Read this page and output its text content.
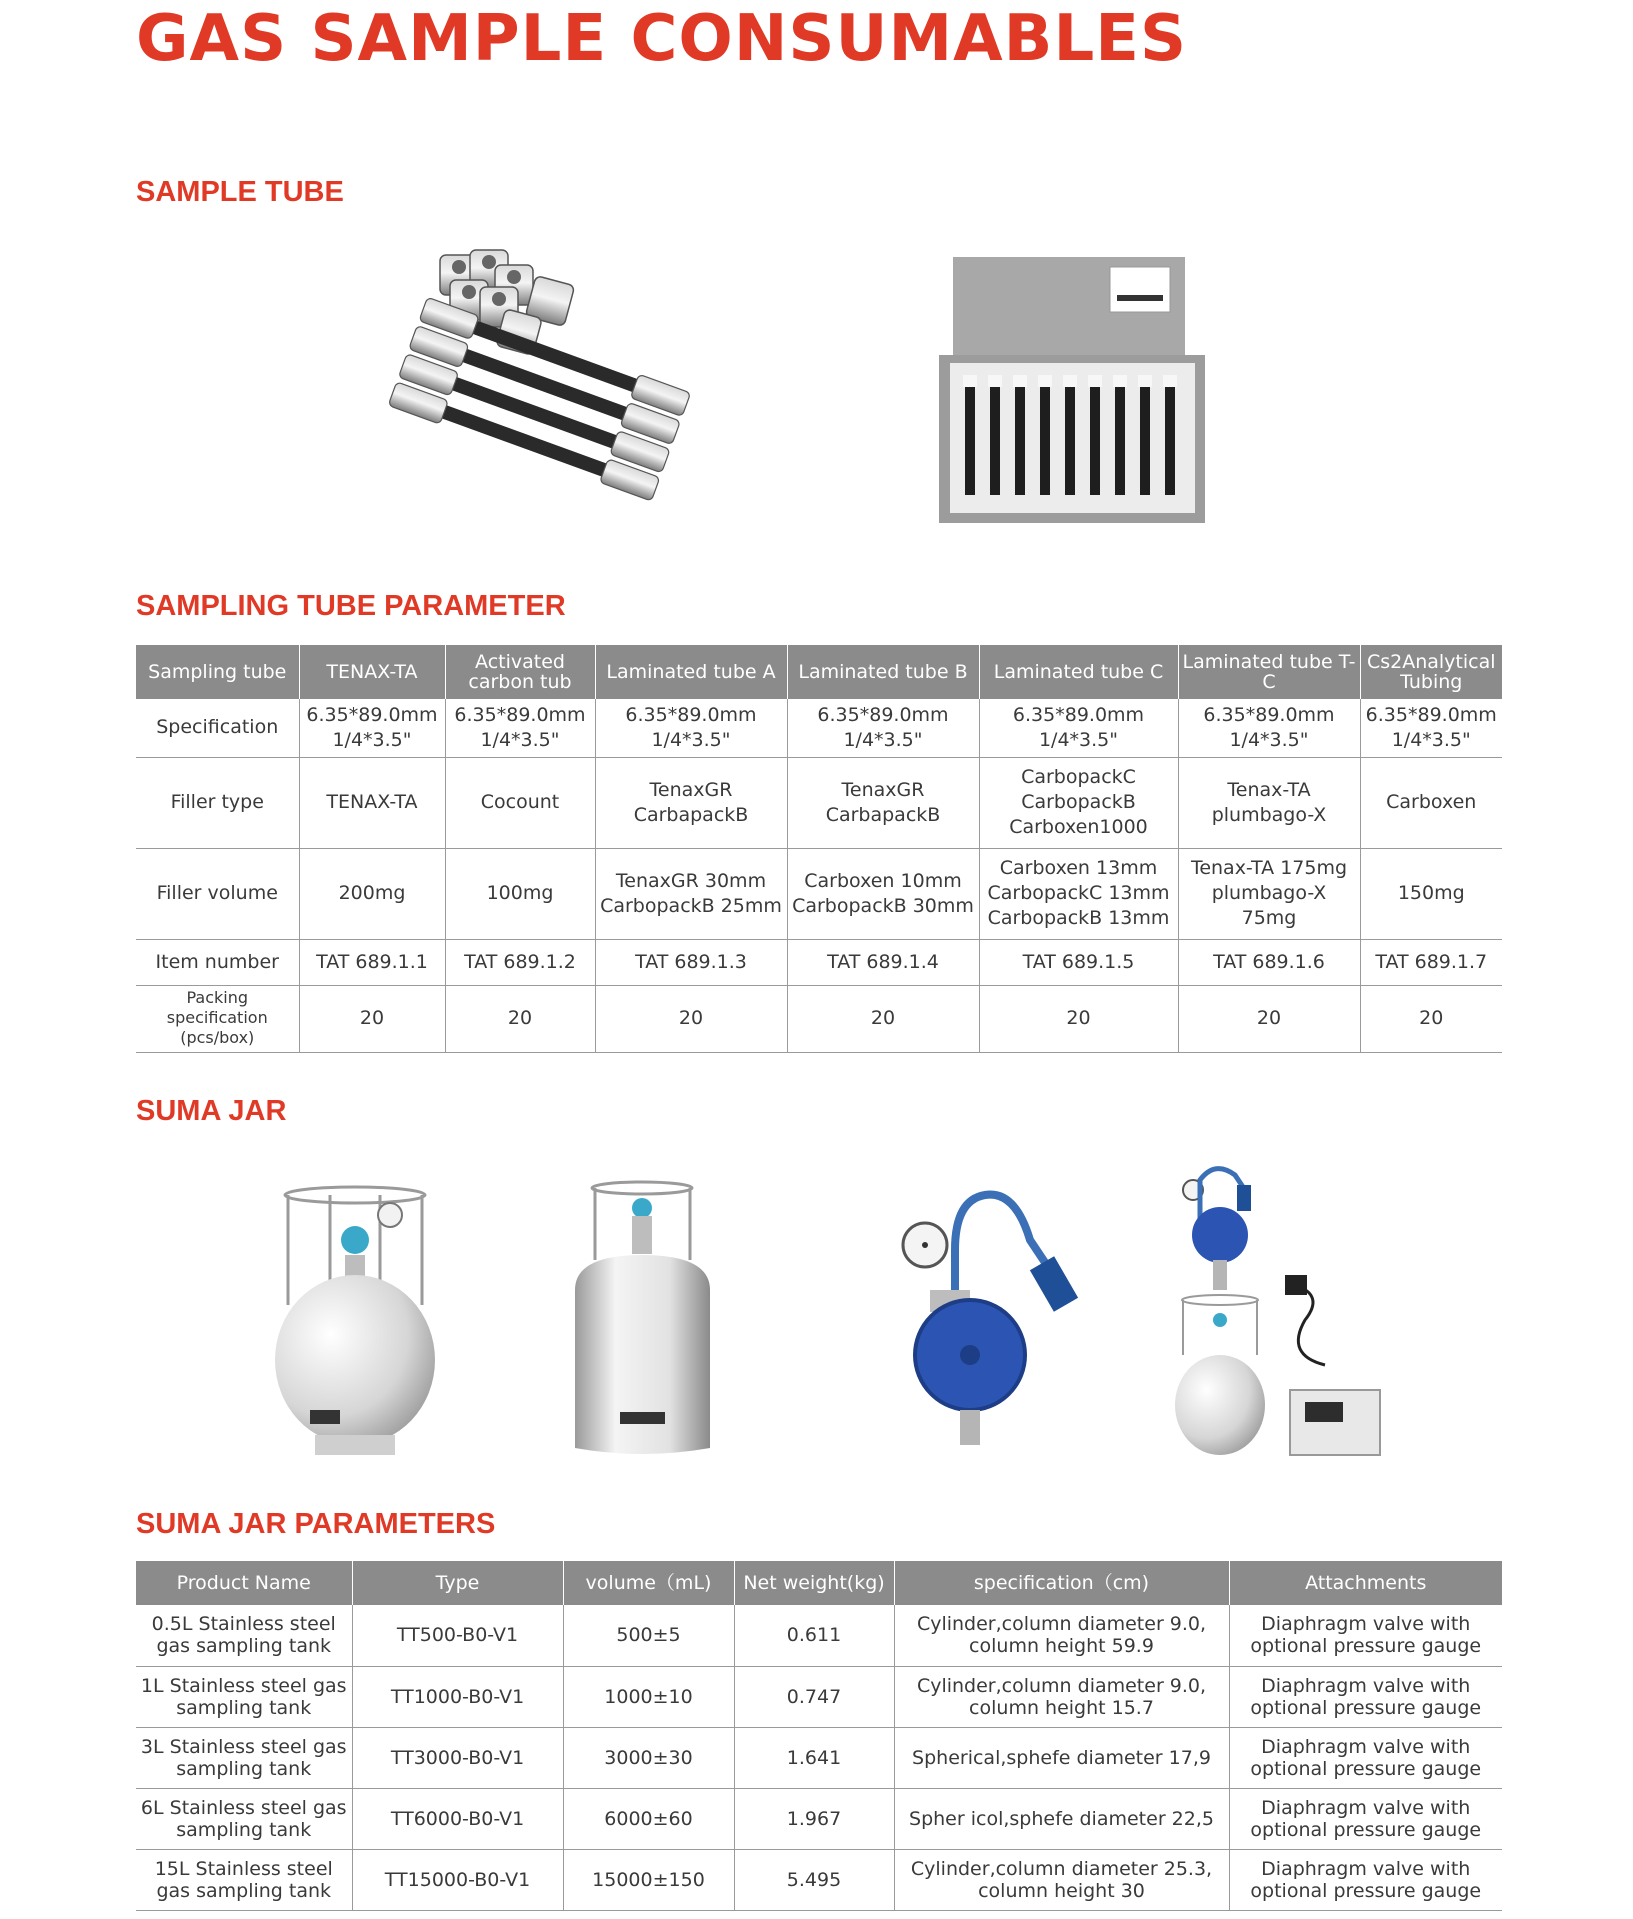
GAS SAMPLE CONSUMABLES
SAMPLE TUBE
SAMPLING TUBE PARAMETER
Sampling tube	TENAX-TA	Activated carbon tub	Laminated tube A	Laminated tube B	Laminated tube C	Laminated tube T-C	Cs2Analytical Tubing
Specification	6.35*89.0mm 1/4*3.5"	6.35*89.0mm 1/4*3.5"	6.35*89.0mm 1/4*3.5"	6.35*89.0mm 1/4*3.5"	6.35*89.0mm 1/4*3.5"	6.35*89.0mm 1/4*3.5"	6.35*89.0mm 1/4*3.5"
Filler type	TENAX-TA	Cocount	TenaxGR CarbapackB	TenaxGR CarbapackB	CarbopackC CarbopackB Carboxen1000	Tenax-TA plumbago-X	Carboxen
Filler volume	200mg	100mg	TenaxGR 30mm CarbopackB 25mm	Carboxen 10mm CarbopackB 30mm	Carboxen 13mm CarbopackC 13mm CarbopackB 13mm	Tenax-TA 175mg plumbago-X 75mg	150mg
Item number	TAT 689.1.1	TAT 689.1.2	TAT 689.1.3	TAT 689.1.4	TAT 689.1.5	TAT 689.1.6	TAT 689.1.7
Packing specification (pcs/box)	20	20	20	20	20	20	20
SUMA JAR
SUMA JAR PARAMETERS
Product Name	Type	volume（mL)	Net weight(kg)	specification（cm)	Attachments
0.5L Stainless steel gas sampling tank	TT500-B0-V1	500±5	0.611	Cylinder,column diameter 9.0, column height 59.9	Diaphragm valve with optional pressure gauge
1L Stainless steel gas sampling tank	TT1000-B0-V1	1000±10	0.747	Cylinder,column diameter 9.0, column height 15.7	Diaphragm valve with optional pressure gauge
3L Stainless steel gas sampling tank	TT3000-B0-V1	3000±30	1.641	Spherical,sphefe diameter 17,9	Diaphragm valve with optional pressure gauge
6L Stainless steel gas sampling tank	TT6000-B0-V1	6000±60	1.967	Spher icol,sphefe diameter 22,5	Diaphragm valve with optional pressure gauge
15L Stainless steel gas sampling tank	TT15000-B0-V1	15000±150	5.495	Cylinder,column diameter 25.3, column height 30	Diaphragm valve with optional pressure gauge
